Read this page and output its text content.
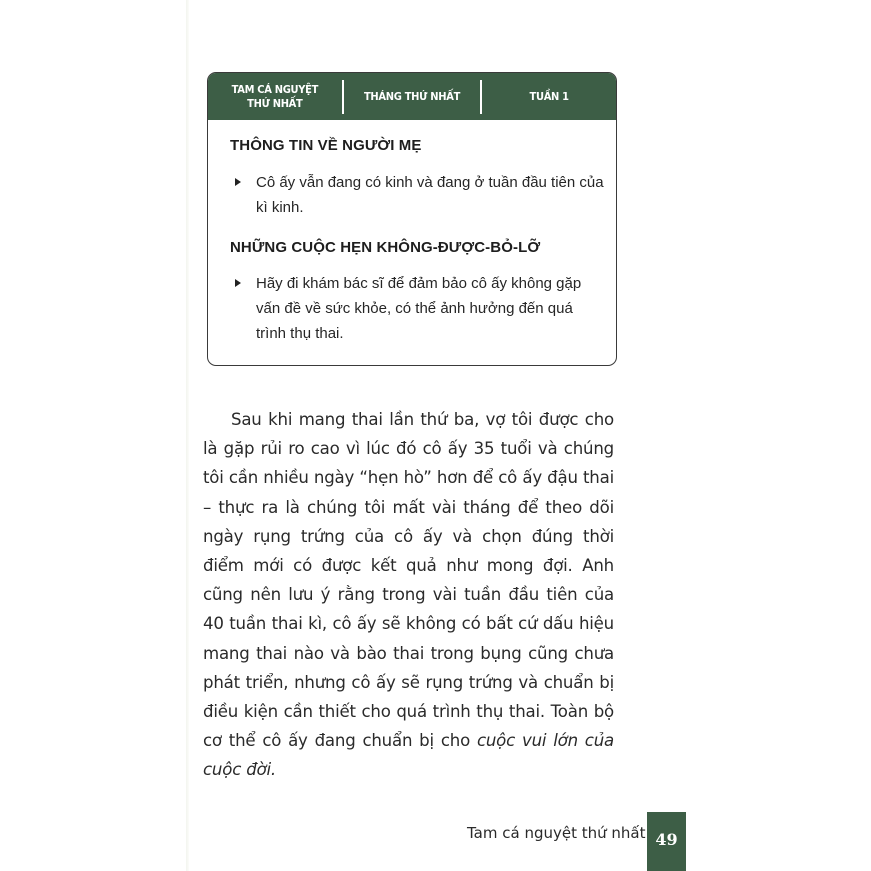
TAM CÁ NGUYỆT THỨ NHẤT
THÁNG THỨ NHẤT	TUẦN 1
THÔNG TIN VỀ NGƯỜI MẸ
Cô ấy vẫn đang có kinh và đang ở tuần đầu tiên của kì kinh.
NHỮNG CUỘC HẸN KHÔNG-ĐƯỢC-BỎ-LỠ
Hãy đi khám bác sĩ để đảm bảo cô ấy không gặp vấn đề về sức khỏe, có thể ảnh hưởng đến quá trình thụ thai.
Sau khi mang thai lần thứ ba, vợ tôi được cho là gặp rủi ro cao vì lúc đó cô ấy 35 tuổi và chúng tôi cần nhiều ngày “hẹn hò” hơn để cô ấy đậu thai – thực ra là chúng tôi mất vài tháng để theo dõi ngày rụng trứng của cô ấy và chọn đúng thời điểm mới có được kết quả như mong đợi. Anh cũng nên lưu ý rằng trong vài tuần đầu tiên của 40 tuần thai kì, cô ấy sẽ không có bất cứ dấu hiệu mang thai nào và bào thai trong bụng cũng chưa phát triển, nhưng cô ấy sẽ rụng trứng và chuẩn bị điều kiện cần thiết cho quá trình thụ thai. Toàn bộ cơ thể cô ấy đang chuẩn bị cho cuộc vui lớn của cuộc đời.
Tam cá nguyệt thứ nhất 49
